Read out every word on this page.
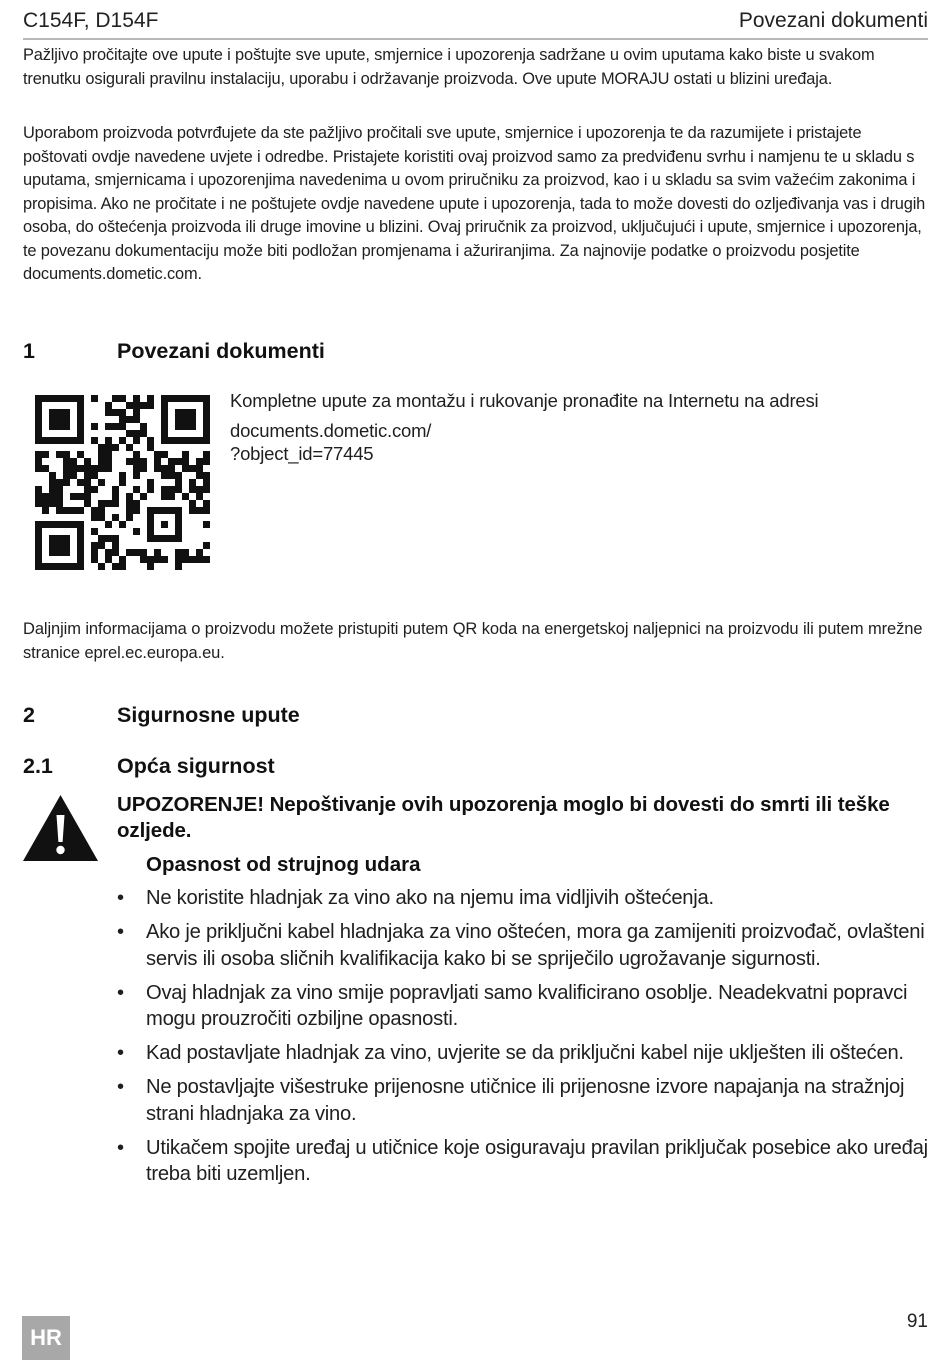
C154F, D154F	Povezani dokumenti

Pažljivo pročitajte ove upute i poštujte sve upute, smjernice i upozorenja sadržane u ovim uputama kako biste u svakom trenutku osigurali pravilnu instalaciju, uporabu i održavanje proizvoda. Ove upute MORAJU ostati u blizini uređaja.

Uporabom proizvoda potvrđujete da ste pažljivo pročitali sve upute, smjernice i upozorenja te da razumijete i pristajete poštovati ovdje navedene uvjete i odredbe. Pristajete koristiti ovaj proizvod samo za predviđenu svrhu i namjenu te u skladu s uputama, smjernicama i upozorenjima navedenima u ovom priručniku za proizvod, kao i u skladu sa svim važećim zakonima i propisima. Ako ne pročitate i ne poštujete ovdje navedene upute i upozorenja, tada to može dovesti do ozljeđivanja vas i drugih osoba, do oštećenja proizvoda ili druge imovine u blizini. Ovaj priručnik za proizvod, uključujući i upute, smjernice i upozorenja, te povezanu dokumentaciju može biti podložan promjenama i ažuriranjima. Za najnovije podatke o proizvodu posjetite documents.dometic.com.

1	Povezani dokumenti
Kompletne upute za montažu i rukovanje pronađite na Internetu na adresi
documents.dometic.com/
?object_id=77445

Daljnjim informacijama o proizvodu možete pristupiti putem QR koda na energetskoj naljepnici na proizvodu ili putem mrežne stranice eprel.ec.europa.eu.

2	Sigurnosne upute
2.1	Opća sigurnost
UPOZORENJE! Nepoštivanje ovih upozorenja moglo bi dovesti do smrti ili teške ozljede.
Opasnost od strujnog udara
• Ne koristite hladnjak za vino ako na njemu ima vidljivih oštećenja.
• Ako je priključni kabel hladnjaka za vino oštećen, mora ga zamijeniti proizvođač, ovlašteni servis ili osoba sličnih kvalifikacija kako bi se spriječilo ugrožavanje sigurnosti.
• Ovaj hladnjak za vino smije popravljati samo kvalificirano osoblje. Neadekvatni popravci mogu prouzročiti ozbiljne opasnosti.
• Kad postavljate hladnjak za vino, uvjerite se da priključni kabel nije uklješten ili oštećen.
• Ne postavljajte višestruke prijenosne utičnice ili prijenosne izvore napajanja na stražnjoj strani hladnjaka za vino.
• Utikačem spojite uređaj u utičnice koje osiguravaju pravilan priključak posebice ako uređaj treba biti uzemljen.
HR
91
